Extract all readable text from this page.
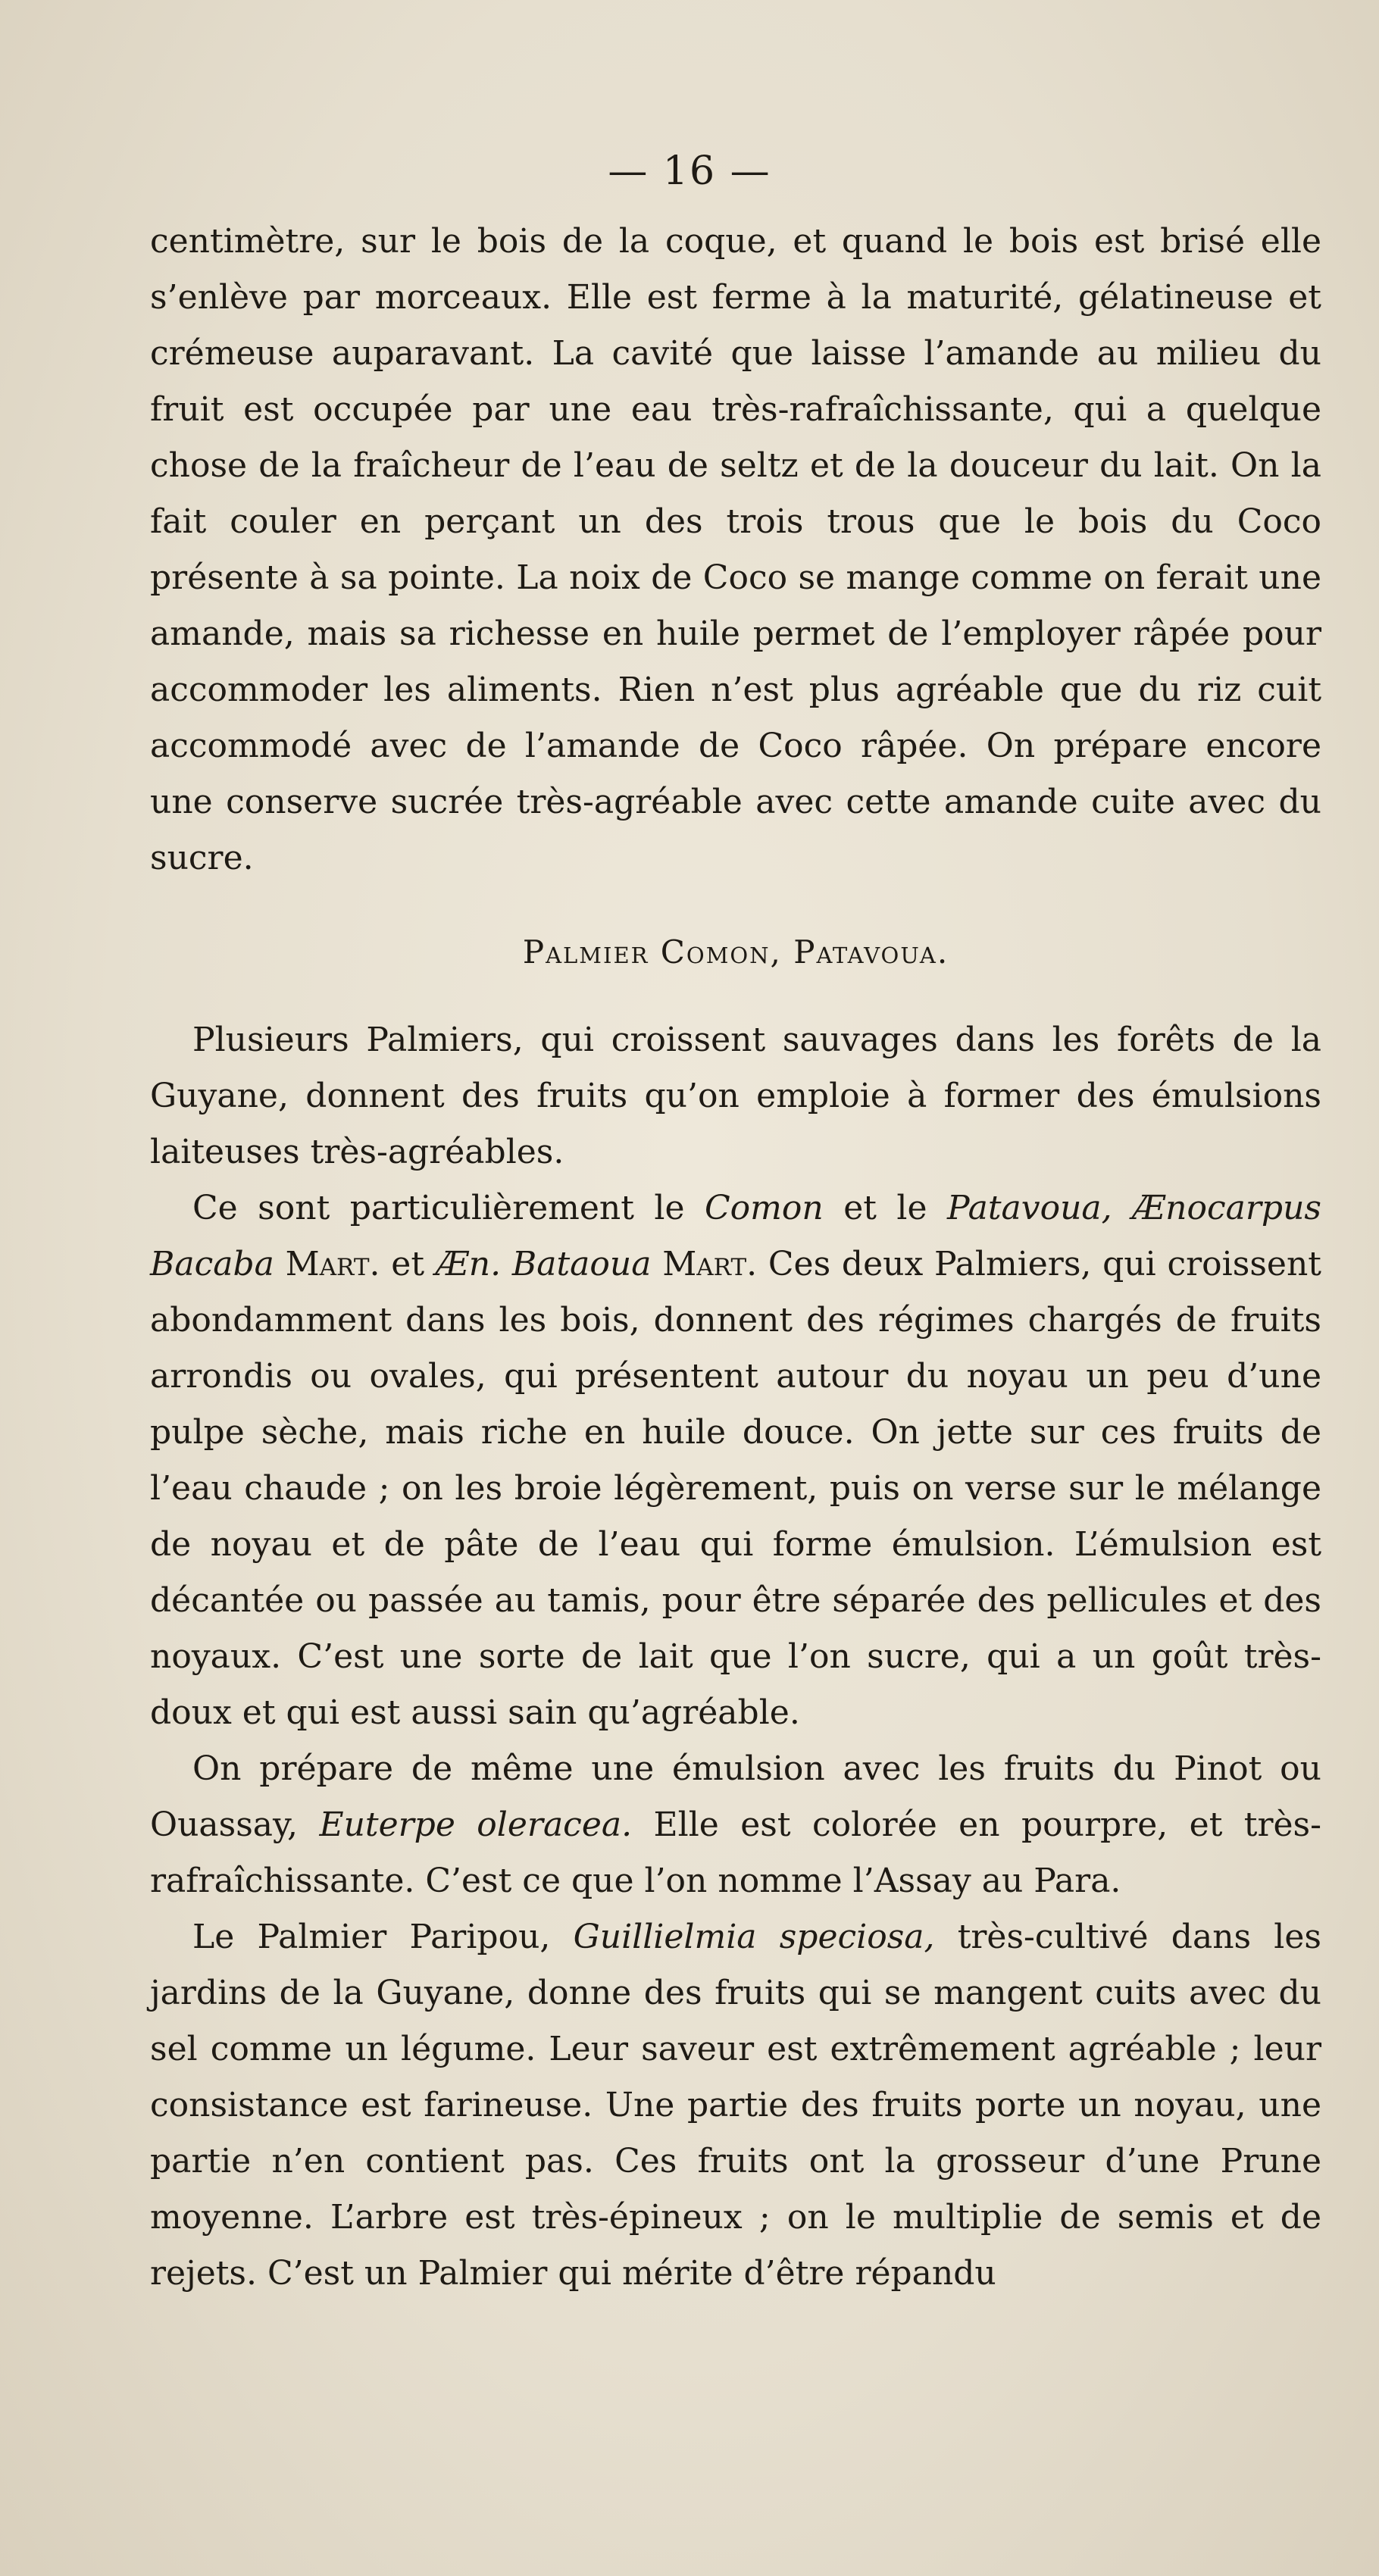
— 16 —

centimètre, sur le bois de la coque, et quand le bois est brisé elle s’enlève par morceaux. Elle est ferme à la maturité, gélatineuse et crémeuse auparavant. La cavité que laisse l’amande au milieu du fruit est occupée par une eau très-rafraîchissante, qui a quelque chose de la fraîcheur de l’eau de seltz et de la douceur du lait. On la fait couler en perçant un des trois trous que le bois du Coco présente à sa pointe. La noix de Coco se mange comme on ferait une amande, mais sa richesse en huile permet de l’employer râpée pour accommoder les aliments. Rien n’est plus agréable que du riz cuit accommodé avec de l’amande de Coco râpée. On prépare encore une conserve sucrée très-agréable avec cette amande cuite avec du sucre.

Palmier Comon, Patavoua.

Plusieurs Palmiers, qui croissent sauvages dans les forêts de la Guyane, donnent des fruits qu’on emploie à former des émulsions laiteuses très-agréables.

Ce sont particulièrement le Comon et le Patavoua, Ænocarpus Bacaba Mart. et Æn. Bataoua Mart. Ces deux Palmiers, qui croissent abondamment dans les bois, donnent des régimes chargés de fruits arrondis ou ovales, qui présentent autour du noyau un peu d’une pulpe sèche, mais riche en huile douce. On jette sur ces fruits de l’eau chaude ; on les broie légèrement, puis on verse sur le mélange de noyau et de pâte de l’eau qui forme émulsion. L’émulsion est décantée ou passée au tamis, pour être séparée des pellicules et des noyaux. C’est une sorte de lait que l’on sucre, qui a un goût très-doux et qui est aussi sain qu’agréable.

On prépare de même une émulsion avec les fruits du Pinot ou Ouassay, Euterpe oleracea. Elle est colorée en pourpre, et très-rafraîchissante. C’est ce que l’on nomme l’Assay au Para.

Le Palmier Paripou, Guillielmia speciosa, très-cultivé dans les jardins de la Guyane, donne des fruits qui se mangent cuits avec du sel comme un légume. Leur saveur est extrêmement agréable ; leur consistance est farineuse. Une partie des fruits porte un noyau, une partie n’en contient pas. Ces fruits ont la grosseur d’une Prune moyenne. L’arbre est très-épineux ; on le multiplie de semis et de rejets. C’est un Palmier qui mérite d’être répandu
